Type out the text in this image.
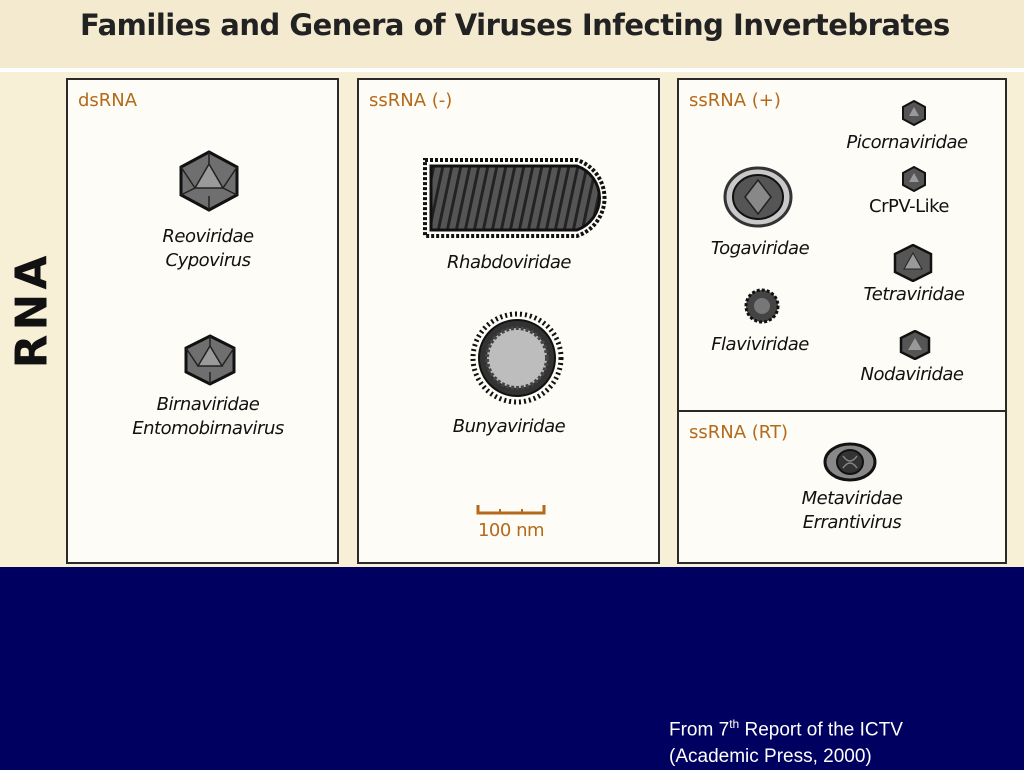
Families and Genera of Viruses Infecting Invertebrates
RNA
dsRNA
Reoviridae
Cypovirus
Birnaviridae
Entomobirnavirus
ssRNA (-)
Rhabdoviridae
Bunyaviridae
100 nm
ssRNA (+)
Picornaviridae
CrPV-Like
Togaviridae
Tetraviridae
Flaviviridae
Nodaviridae
ssRNA (RT)
Metaviridae
Errantivirus
From 7th Report of the ICTV
(Academic Press, 2000)
